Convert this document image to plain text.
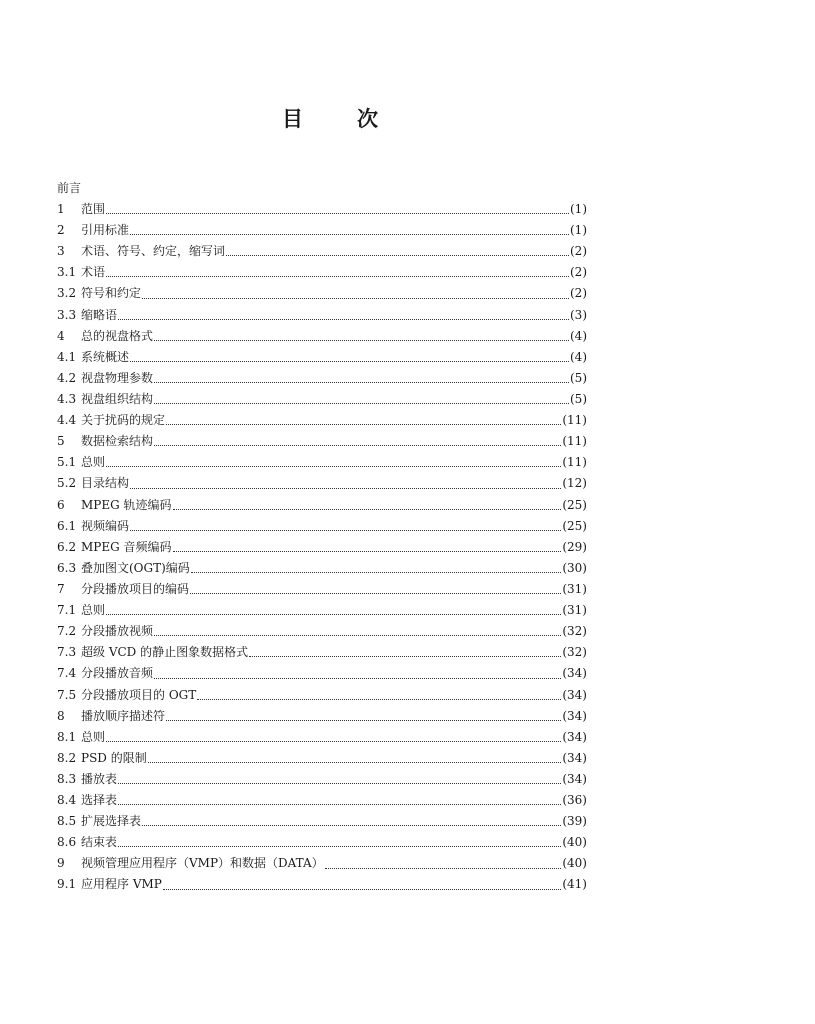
目	次
前言
1	范围	(1)
2	引用标准	(1)
3	术语、符号、约定，缩写词	(2)
3.1 术语	(2)
3.2 符号和约定	(2)
3.3 缩略语	(3)
4	总的视盘格式	(4)
4.1 系统概述	(4)
4.2 视盘物理参数	(5)
4.3 视盘组织结构	(5)
4.4 关于扰码的规定	(11)
5	数据检索结构	(11)
5.1 总则	(11)
5.2 目录结构	(12)
6	MPEG 轨迹编码	(25)
6.1 视频编码	(25)
6.2 MPEG 音频编码	(29)
6.3 叠加图文(OGT)编码	(30)
7	分段播放项目的编码	(31)
7.1 总则	(31)
7.2 分段播放视频	(32)
7.3 超级 VCD 的静止图象数据格式	(32)
7.4 分段播放音频	(34)
7.5 分段播放项目的 OGT	(34)
8	播放顺序描述符	(34)
8.1 总则	(34)
8.2 PSD 的限制	(34)
8.3 播放表	(34)
8.4 选择表	(36)
8.5 扩展选择表	(39)
8.6 结束表	(40)
9	视频管理应用程序（VMP）和数据（DATA）	(40)
9.1 应用程序 VMP	(41)
